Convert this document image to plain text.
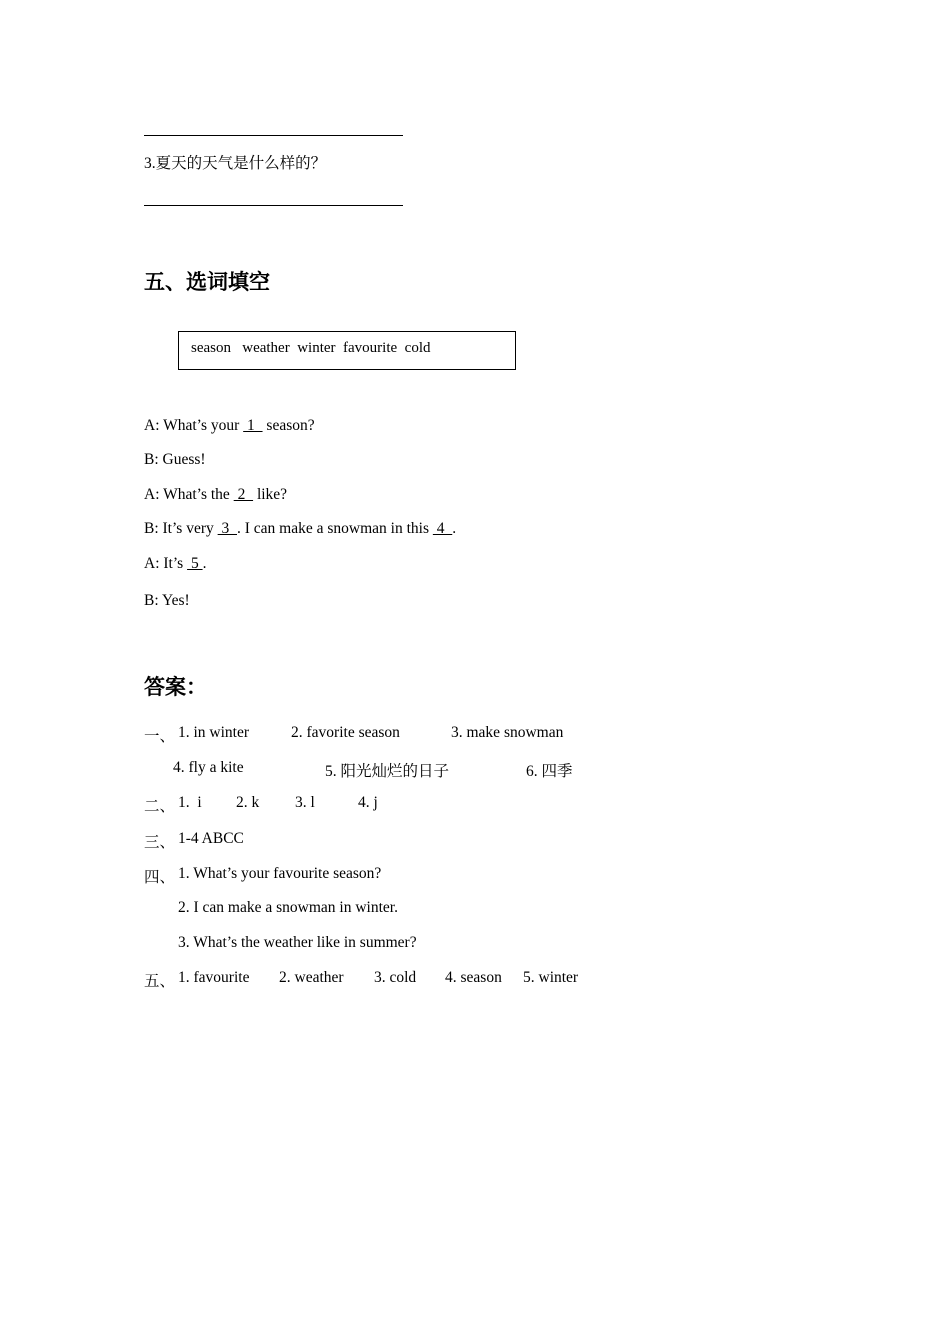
3.夏天的天气是什么样的？
五、选词填空
season   weather  winter  favourite  cold
A: What’s your  1   season?
B: Guess!
A: What’s the  2   like?
B: It’s very  3  . I can make a snowman in this  4  .
A: It’s  5 .
B: Yes!
答案：
一、 1. in winter	2. favorite season	3. make snowman
4. fly a kite	5. 阳光灿烂的日子	6. 四季
二、 1.  i 2. k 3. l	4. j
三、 1-4 ABCC
四、 1. What’s your favourite season?
2. I can make a snowman in winter.
3. What’s the weather like in summer?
五、 1. favourite 2. weather 3. cold 4. season 5. winter
